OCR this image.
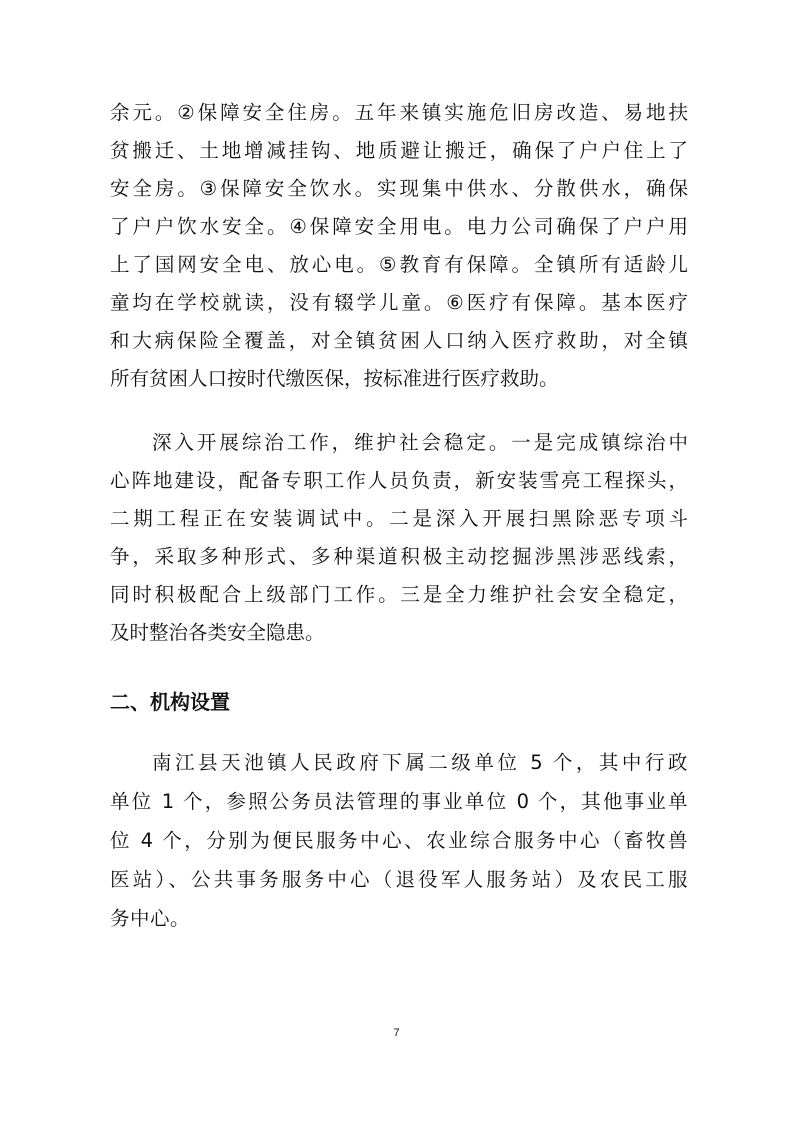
余元。②保障安全住房。五年来镇实施危旧房改造、易地扶
贫搬迁、土地增减挂钩、地质避让搬迁，确保了户户住上了
安全房。③保障安全饮水。实现集中供水、分散供水，确保
了户户饮水安全。④保障安全用电。电力公司确保了户户用
上了国网安全电、放心电。⑤教育有保障。全镇所有适龄儿
童均在学校就读，没有辍学儿童。⑥医疗有保障。基本医疗
和大病保险全覆盖，对全镇贫困人口纳入医疗救助，对全镇
所有贫困人口按时代缴医保，按标准进行医疗救助。
深入开展综治工作，维护社会稳定。一是完成镇综治中
心阵地建设，配备专职工作人员负责，新安装雪亮工程探头，
二期工程正在安装调试中。二是深入开展扫黑除恶专项斗
争，采取多种形式、多种渠道积极主动挖掘涉黑涉恶线索，
同时积极配合上级部门工作。三是全力维护社会安全稳定，
及时整治各类安全隐患。
二、机构设置
南江县天池镇人民政府下属二级单位 5 个，其中行政
单位 1 个，参照公务员法管理的事业单位 0 个，其他事业单
位 4 个，分别为便民服务中心、农业综合服务中心（畜牧兽
医站）、公共事务服务中心（退役军人服务站）及农民工服
务中心。
7
